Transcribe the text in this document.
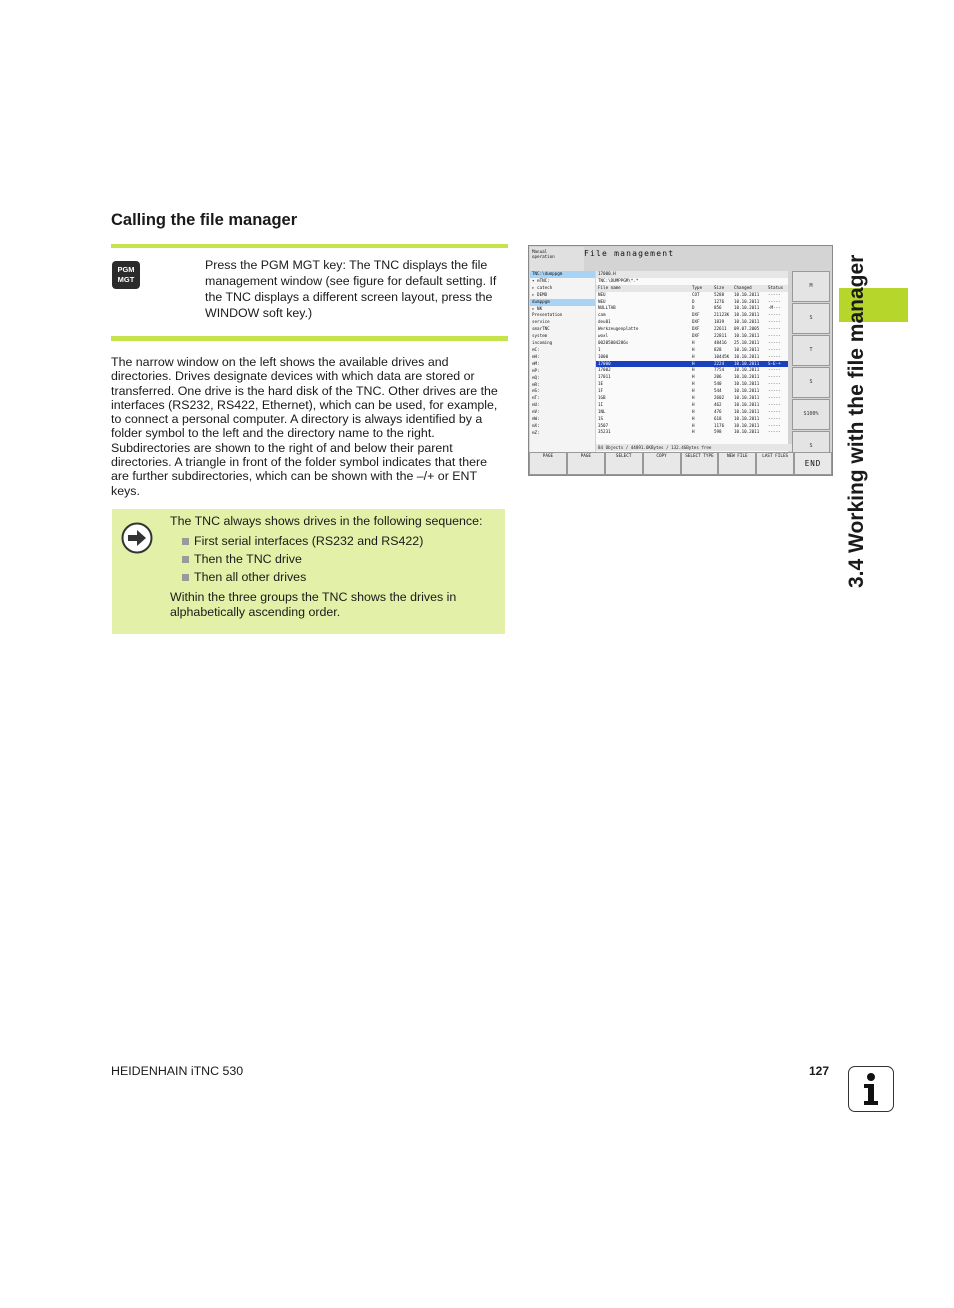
Calling the file manager
PGM
MGT
Press the PGM MGT key: The TNC displays the file management window (see figure for default setting. If the TNC displays a different screen layout, press the WINDOW soft key.)
The narrow window on the left shows the available drives and directories. Drives designate devices with which data are stored or transferred. One drive is the hard disk of the TNC. Other drives are the interfaces (RS232, RS422, Ethernet), which can be used, for example, to connect a personal computer. A directory is always identified by a folder symbol to the left and the directory name to the right. Subdirectories are shown to the right of and below their parent directories. A triangle in front of the folder symbol indicates that there are further subdirectories, which can be shown with the –/+ or ENT keys.
The TNC always shows drives in the following sequence:
First serial interfaces (RS232 and RS422)
Then the TNC drive
Then all other drives
Within the three groups the TNC shows the drives in alphabetically ascending order.
Manual
operation	File management
TNC:\dumppgm
▾ ⊟TNC:
▸ catech
▸ DEMO
dumppgm
▸ NK
Presentation
service
smarTNC
system
incoming
⊟C:
⊟H:
⊟M:
⊟P:
⊟Q:
⊟R:
⊟S:
⊟T:
⊟U:
⊟V:
⊟W:
⊟X:
⊟Z:
17000.H
TNC:\DUMPPGM\*.*
File name	Type	Size Changed	Status
NEU	COT	5288 10.10.2011 -----
NEU	D	1276 10.10.2011 -----
NULLTAB	D	856	10.10.2011 -M---
cam	DXF	21123K 10.10.2011 -----
deu01	DXF	1839 10.10.2011 -----
Werkzeugenplatte	DXF	22611 09.07.2005 -----
woxl	DXF	22811 10.10.2011 -----
00205004206s	H	48416 25.10.2011 -----
1	H	828	10.10.2011 -----
1000	H	10445K 10.10.2011 -----
17000	H	2224 10.10.2011 S-E-+
17002	H	7754 10.10.2011 -----
17011	H	206	10.10.2011 -----
1E	H	540	10.10.2011 -----
1F	H	544	10.10.2011 -----
1GB	H	2602 10.10.2011 -----
1I	H	462	10.10.2011 -----
1NL	H	476	10.10.2011 -----
1S	H	618	10.10.2011 -----
3507	H	1176 10.10.2011 -----
35231	H	598	10.10.2011 -----
84 Objects / 44891.6KBytes / 132.4GBytes free
M
S
T
S
S100%
S
PAGE	PAGE	SELECT	COPY	SELECT TYPE	NEW FILE	LAST FILES
END	3.4 Working with the file manager
HEIDENHAIN iTNC 530	127
